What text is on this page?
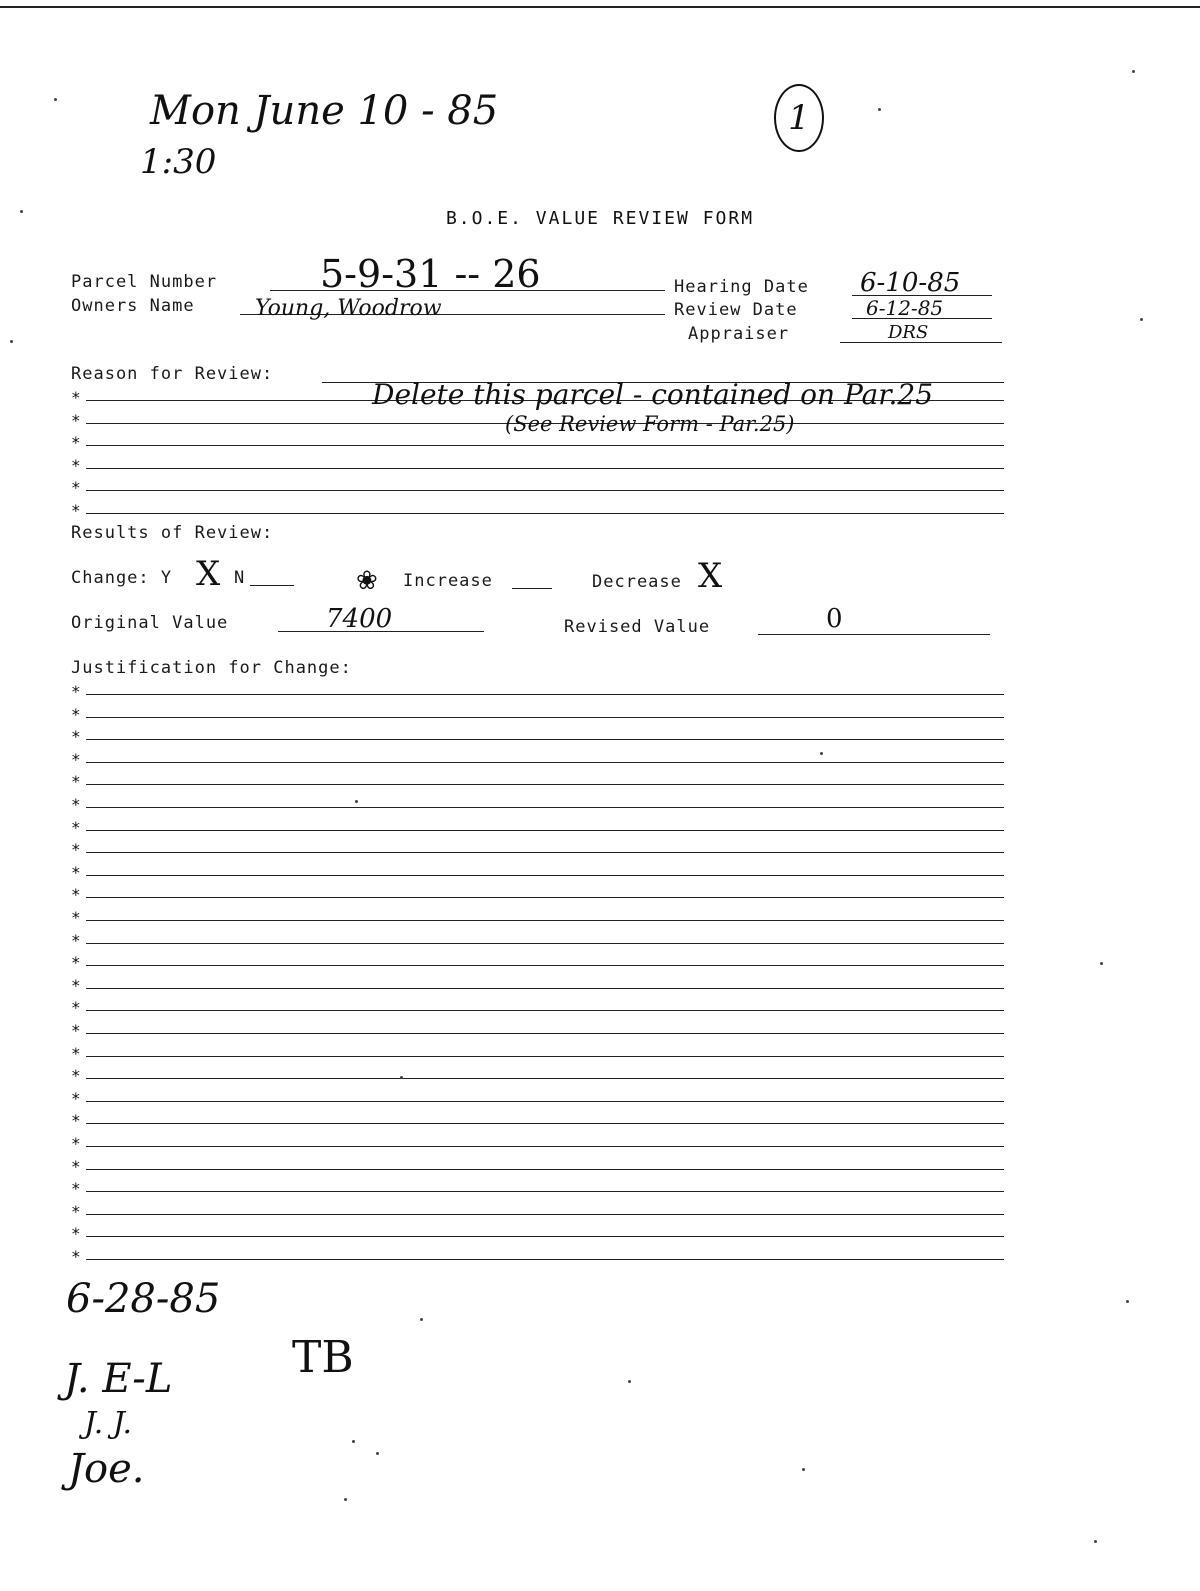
Mon June 10 - 85
1:30
1
B.O.E. VALUE REVIEW FORM
Parcel Number	5-9-31 -- 26
Owners Name	Young, Woodrow
Hearing Date 6-10-85
Review Date	6-12-85
Appraiser	DRS
Reason for Review:
*
*
*
*
*
*
Delete this parcel - contained on Par.25
(See Review Form - Par.25)
Results of Review:
Change: Y X N	❀ Increase	Decrease X
Original Value	7400	Revised Value	0
Justification for Change:
*
*
*
*
*
*
*
*
*
*
*
*
*
*
*
*
*
*
*
*
*
*
*
*
*
*
6-28-85
TB
J. E-L
J. J.
Joe.
